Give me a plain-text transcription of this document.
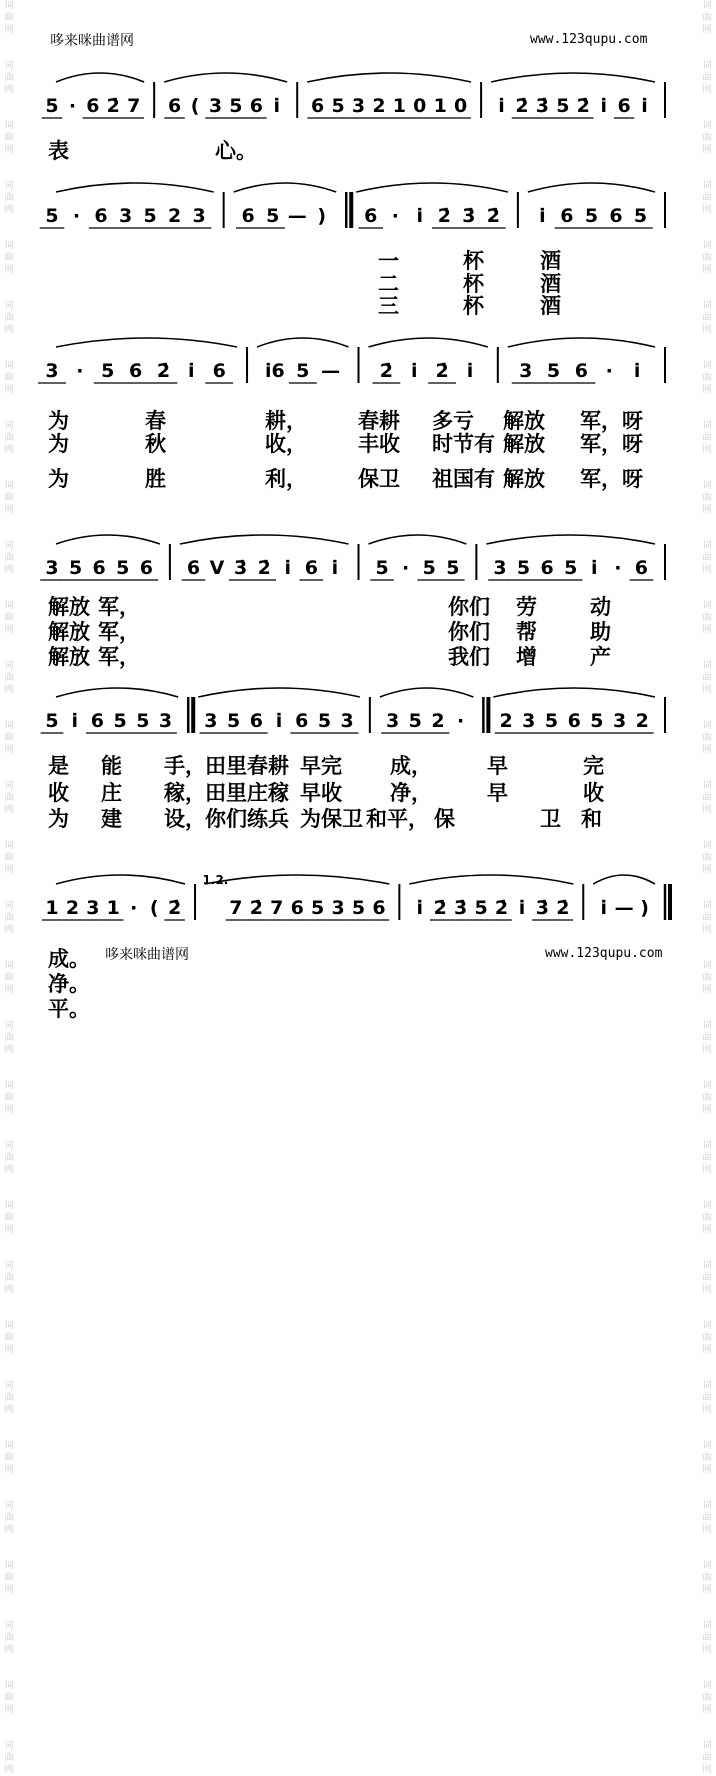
词
曲
网

词
曲
网

词
曲
网

词
曲
网

词
曲
网

词
曲
网

词
曲
网

词
曲
网

词
曲
网

词
曲
网

词
曲
网

词
曲
网

词
曲
网

词
曲
网

词
曲
网

词
曲
网

词
曲
网

词
曲
网

词
曲
网

词
曲
网

词
曲
网

词
曲
网

词
曲
网

词
曲
网

词
曲
网

词
曲
网

词
曲
网

词
曲
网

词
曲
网

词
曲
网

词
曲
网

词
曲
网

词
曲
网

词
曲
网

词
曲
网

词
曲
网

词
曲
网

词
曲
网

词
曲
网

词
曲
网

词
曲
网

词
曲
网

词
曲
网

词
曲
网

词
曲
网

词
曲
网

词
曲
网

词
曲
网

词
曲
网

词
曲
网

词
曲
网

词
曲
网

词
曲
网

词
曲
网

词
曲
网

词
曲
网

词
曲
网

词
曲
网

词
曲
网

词
曲
网

哆来咪曲谱网	www.123qupu.com
5 · 6 2̇ 7 6 ( 3 5 6 i̇ 6 5 3 2 1 0 1 0 i̇ 2̇ 3̇ 5 2̇ i̇ 6 i̇
表	心。
5 · 6 3 5 2 3 6 5 — ) 6 · i̇ 2̇ 3̇ 2̇ i̇ 6 5 6 5
一	杯	酒
二	杯	酒
三	杯	酒
3 · 5 6 2̇ i̇ 6 i̇6 5 — 2̇ i̇ 2̇ i̇ 3 5 6 · i̇
为	春	耕， 春耕 多亏 解放 军，呀
为	秋	收， 丰收 时节有 解放 军，呀
为	胜	利， 保卫 祖国有 解放 军，呀
3 5 6 5 6 6 V 3̇ 2̇ i̇ 6 i̇ 5 · 5 5 3 5 6 5 i̇ · 6
解放 军，	你们 劳	动
解放 军，	你们 帮	助
解放 军，	我们 增	产
5 i̇ 6 5 5 3 3 5 6 i̇ 6 5 3 3 5 2 · 2 3 5 6 5 3 2
是 能 手， 田里春耕 早完 成，	早	完
收 庄 稼， 田里庄稼 早收 净，	早	收
为 建 设， 你们练兵 为保卫 和平， 保	卫 和
1 2 3 1 · ( 2̇
1.2.
7 2̇ 7 6 5 3 5 6 i̇ 2̇ 3̇ 5 2̇ i̇ 3̇ 2̇ i̇ — )
成。
净。
平。
哆来咪曲谱网	www.123qupu.com
